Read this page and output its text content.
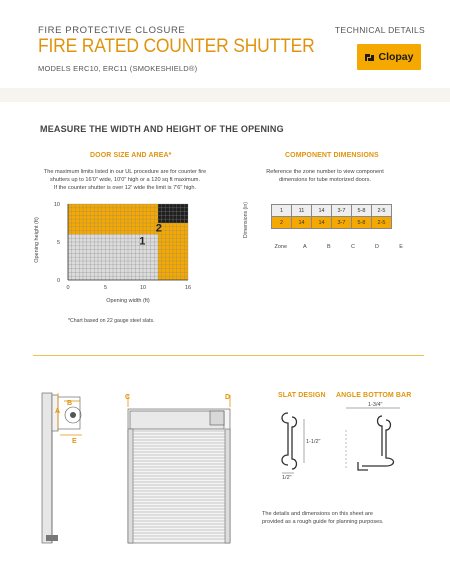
FIRE PROTECTIVE CLOSURE	TECHNICAL DETAILS
FIRE RATED COUNTER SHUTTER
MODELS ERC10, ERC11 (SMOKESHIELD®)
Clopay
MEASURE THE WIDTH AND HEIGHT OF THE OPENING
DOOR SIZE AND AREA*
The maximum limits listed in our UL procedure are for counter fire
shutters up to 16'0" wide, 10'0" high or a 120 sq ft maximum.
If the counter shutter is over 12' wide the limit is 7'6" high.
0	5	10	16
0
5
10
1
2
Opening width (ft)
Opening height (ft)
*Chart based on 22 gauge steel slats.
COMPONENT DIMENSIONS
Reference the zone number to view component
dimensions for tube motorized doors.
Dimensions (in)	1	11	14	3-7	5-8	2-5
2	14	14	3-7	5-8	2-5
Zone	A	B	C	D	E
B
A
E
C	D	SLAT DESIGN
1-1/2"
1/2"
ANGLE BOTTOM BAR
1-3/4"
The details and dimensions on this sheet are
provided as a rough guide for planning purposes.
